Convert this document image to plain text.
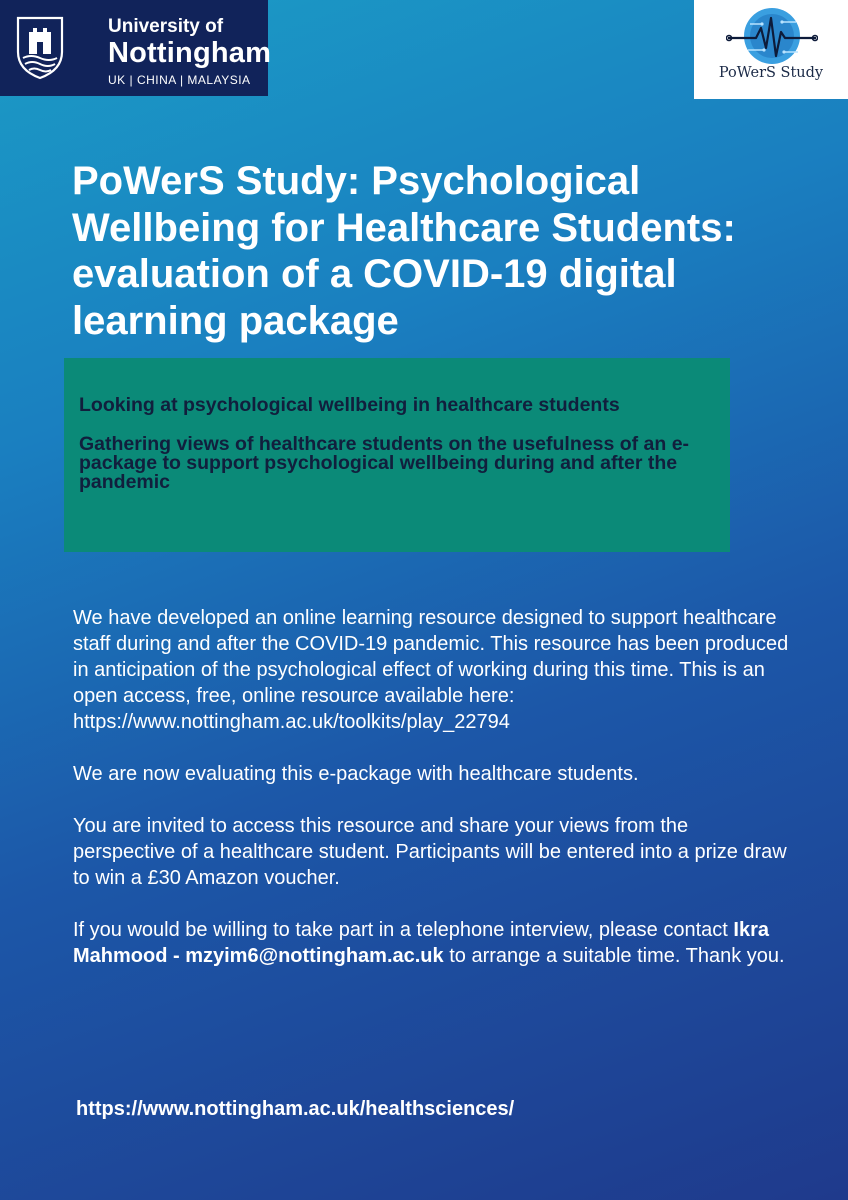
University of
Nottingham
UK | CHINA | MALAYSIA	PoWerS Study
PoWerS Study: Psychological Wellbeing for Healthcare Students: evaluation of a COVID-19 digital learning package

Looking at psychological wellbeing in healthcare students

Gathering views of healthcare students on the usefulness of an e-package to support psychological wellbeing during and after the pandemic

We have developed an online learning resource designed to support healthcare staff during and after the COVID-19 pandemic. This resource has been produced in anticipation of the psychological effect of working during this time. This is an open access, free, online resource available here: https://www.nottingham.ac.uk/toolkits/play_22794

We are now evaluating this e-package with healthcare students.

You are invited to access this resource and share your views from the perspective of a healthcare student. Participants will be entered into a prize draw to win a £30 Amazon voucher.

If you would be willing to take part in a telephone interview, please contact Ikra Mahmood - mzyim6@nottingham.ac.uk to arrange a suitable time. Thank you.

https://www.nottingham.ac.uk/healthsciences/
